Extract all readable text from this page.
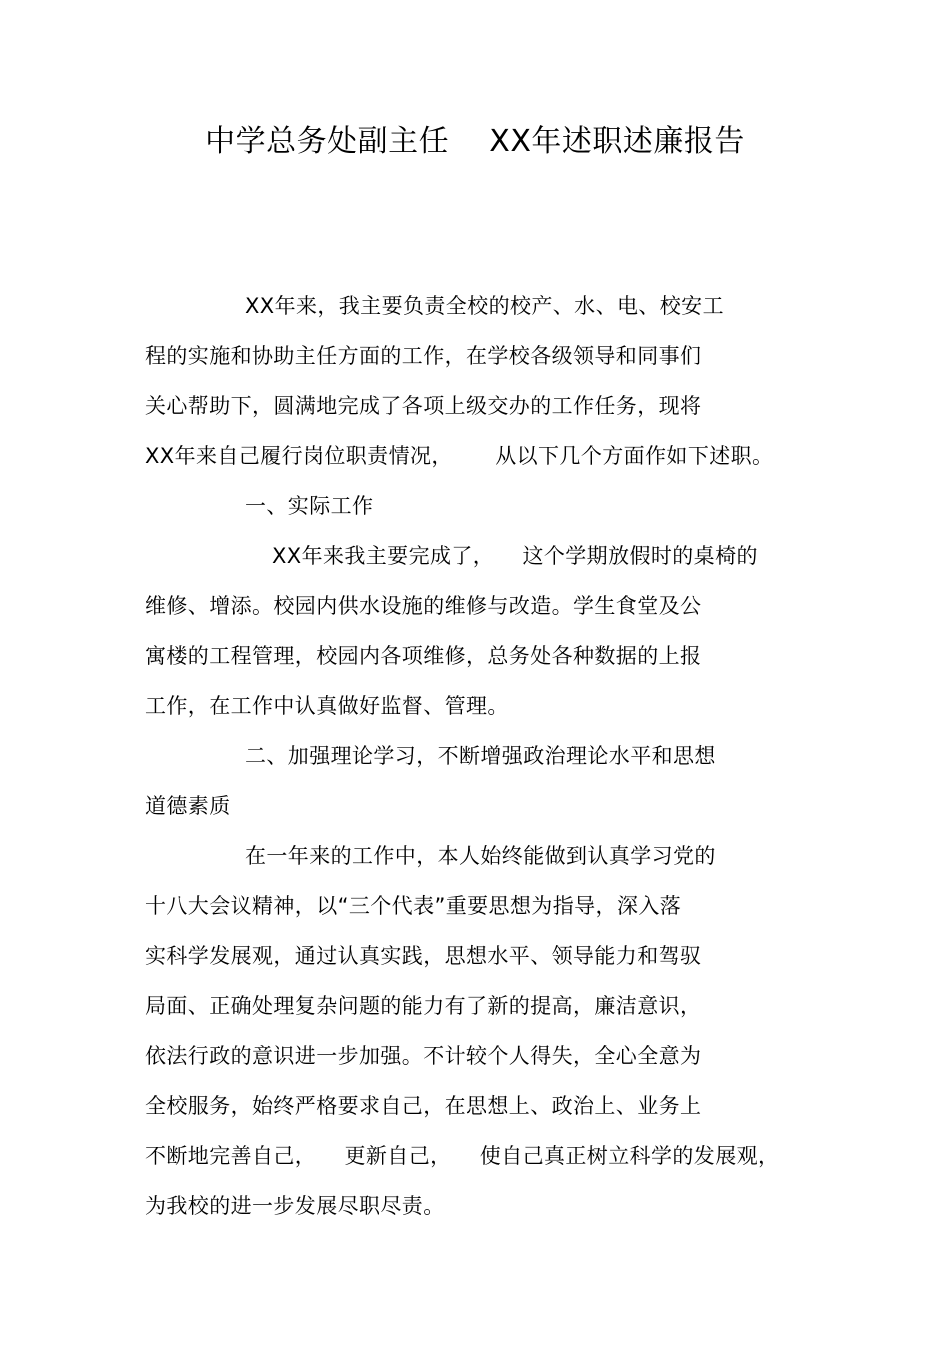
中学总务处副主任    XX年述职述廉报告
XX年来，我主要负责全校的校产、水、电、校安工
程的实施和协助主任方面的工作，在学校各级领导和同事们
关心帮助下，圆满地完成了各项上级交办的工作任务，现将
XX年来自己履行岗位职责情况，      从以下几个方面作如下述职。
一、实际工作
XX年来我主要完成了，    这个学期放假时的桌椅的
维修、增添。校园内供水设施的维修与改造。学生食堂及公
寓楼的工程管理，校园内各项维修，总务处各种数据的上报
工作，在工作中认真做好监督、管理。
二、加强理论学习，不断增强政治理论水平和思想
道德素质
在一年来的工作中，本人始终能做到认真学习党的
十八大会议精神，以“三个代表”重要思想为指导，深入落
实科学发展观，通过认真实践，思想水平、领导能力和驾驭
局面、正确处理复杂问题的能力有了新的提高，廉洁意识，
依法行政的意识进一步加强。不计较个人得失，全心全意为
全校服务，始终严格要求自己，在思想上、政治上、业务上
不断地完善自己，    更新自己，    使自己真正树立科学的发展观，
为我校的进一步发展尽职尽责。
